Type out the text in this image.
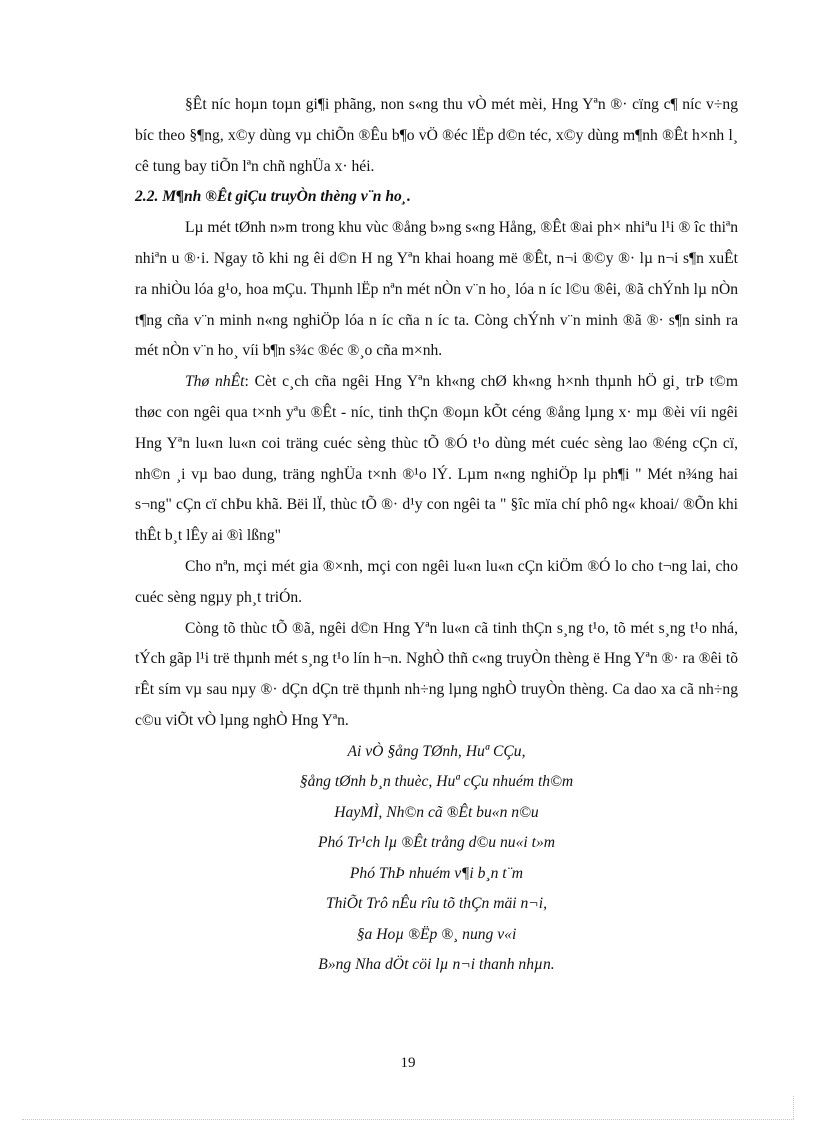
§Êt níc hoµn toµn gi¶i phãng, non s«ng thu vÒ mét mèi, Hng Yªn ®· cïng c¶ níc v÷ng bíc theo §¶ng, x©y dùng vµ chiÕn ®Êu b¶o vÖ ®éc lËp d©n téc, x©y dùng m¶nh ®Êt h×nh l¸ cê tung bay tiÕn lªn chñ nghÜa x· héi.

2.2. M¶nh ®Êt giÇu truyÒn thèng v¨n ho¸.

Lµ mét tØnh n»m trong khu vùc ®ång b»ng s«ng Hång, ®Êt ®ai ph× nhiªu l¹i ® îc thiªn nhiªn u ®·i. Ngay tõ khi ng êi d©n H ng Yªn khai hoang më ®Êt, n¬i ®©y ®· lµ n¬i s¶n xuÊt ra nhiÒu lóa g¹o, hoa mÇu. Thµnh lËp nªn mét nÒn v¨n ho¸ lóa n íc l©u ®êi, ®ã chÝnh lµ nÒn t¶ng cña v¨n minh n«ng nghiÖp lóa n íc cña n íc ta. Còng chÝnh v¨n minh ®ã ®· s¶n sinh ra mét nÒn v¨n ho¸ víi b¶n s¾c ®éc ®¸o cña m×nh.

Thø nhÊt: Cèt c¸ch cña ngêi Hng Yªn kh«ng chØ kh«ng h×nh thµnh hÖ gi¸ trÞ t©m thøc con ngêi qua t×nh yªu ®Êt - níc, tinh thÇn ®oµn kÕt céng ®ång lµng x· mµ ®èi víi ngêi Hng Yªn lu«n lu«n coi träng cuéc sèng thùc tÕ ®Ó t¹o dùng mét cuéc sèng lao ®éng cÇn cï, nh©n ¸i vµ bao dung, träng nghÜa t×nh ®¹o lÝ. Lµm n«ng nghiÖp lµ ph¶i " Mét n¾ng hai s¬ng" cÇn cï chÞu khã. Bëi lÏ, thùc tÕ ®· d¹y con ngêi ta " §îc mïa chí phô ng« khoai/ ®Õn khi thÊt b¸t lÊy ai ®ì lßng"

Cho nªn, mçi mét gia ®×nh, mçi con ngêi lu«n lu«n cÇn kiÖm ®Ó lo cho t¬ng lai, cho cuéc sèng ngµy ph¸t triÓn.

Còng tõ thùc tÕ ®ã, ngêi d©n Hng Yªn lu«n cã tinh thÇn s¸ng t¹o, tõ mét s¸ng t¹o nhá, tÝch gãp l¹i trë thµnh mét s¸ng t¹o lín h¬n. NghÒ thñ c«ng truyÒn thèng ë Hng Yªn ®· ra ®êi tõ rÊt sím vµ sau nµy ®· dÇn dÇn trë thµnh nh÷ng lµng nghÒ truyÒn thèng. Ca dao xa cã nh÷ng c©u viÕt vÒ lµng nghÒ Hng Yªn.

Ai vÒ §ång TØnh, Huª CÇu,

§ång tØnh b¸n thuèc, Huª cÇu nhuém th©m

HayMÌ, Nh©n cã ®Êt bu«n n©u

Phó Tr¹ch lµ ®Êt trång d©u nu«i t»m

Phó ThÞ nhuém v¶i b¸n t¨m

ThiÕt Trô nÊu rîu tõ thÇn mäi n¬i,

§a Hoµ ®Ëp ®¸ nung v«i

B»ng Nha dÖt cöi lµ n¬i thanh nhµn.

19
